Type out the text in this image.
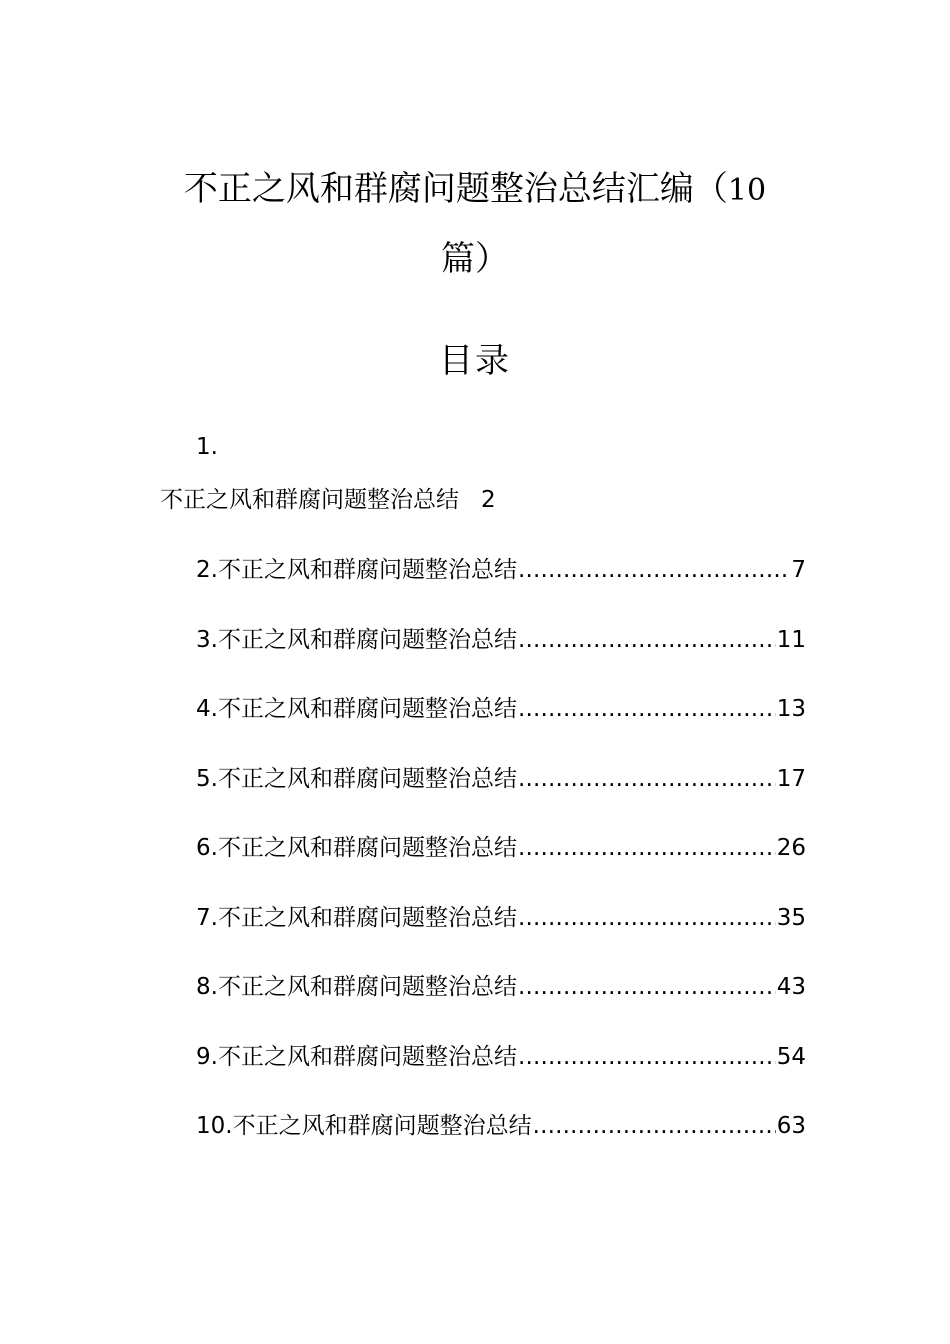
不正之风和群腐问题整治总结汇编（10
篇）
目录
1.
不正之风和群腐问题整治总结 2
2.不正之风和群腐问题整治总结 .....	7
3.不正之风和群腐问题整治总结 .....	11
4.不正之风和群腐问题整治总结 .....	13
5.不正之风和群腐问题整治总结 .....	17
6.不正之风和群腐问题整治总结 .....	26
7.不正之风和群腐问题整治总结 .....	35
8.不正之风和群腐问题整治总结 .....	43
9.不正之风和群腐问题整治总结 .....	54
10.不正之风和群腐问题整治总结 .....	63
